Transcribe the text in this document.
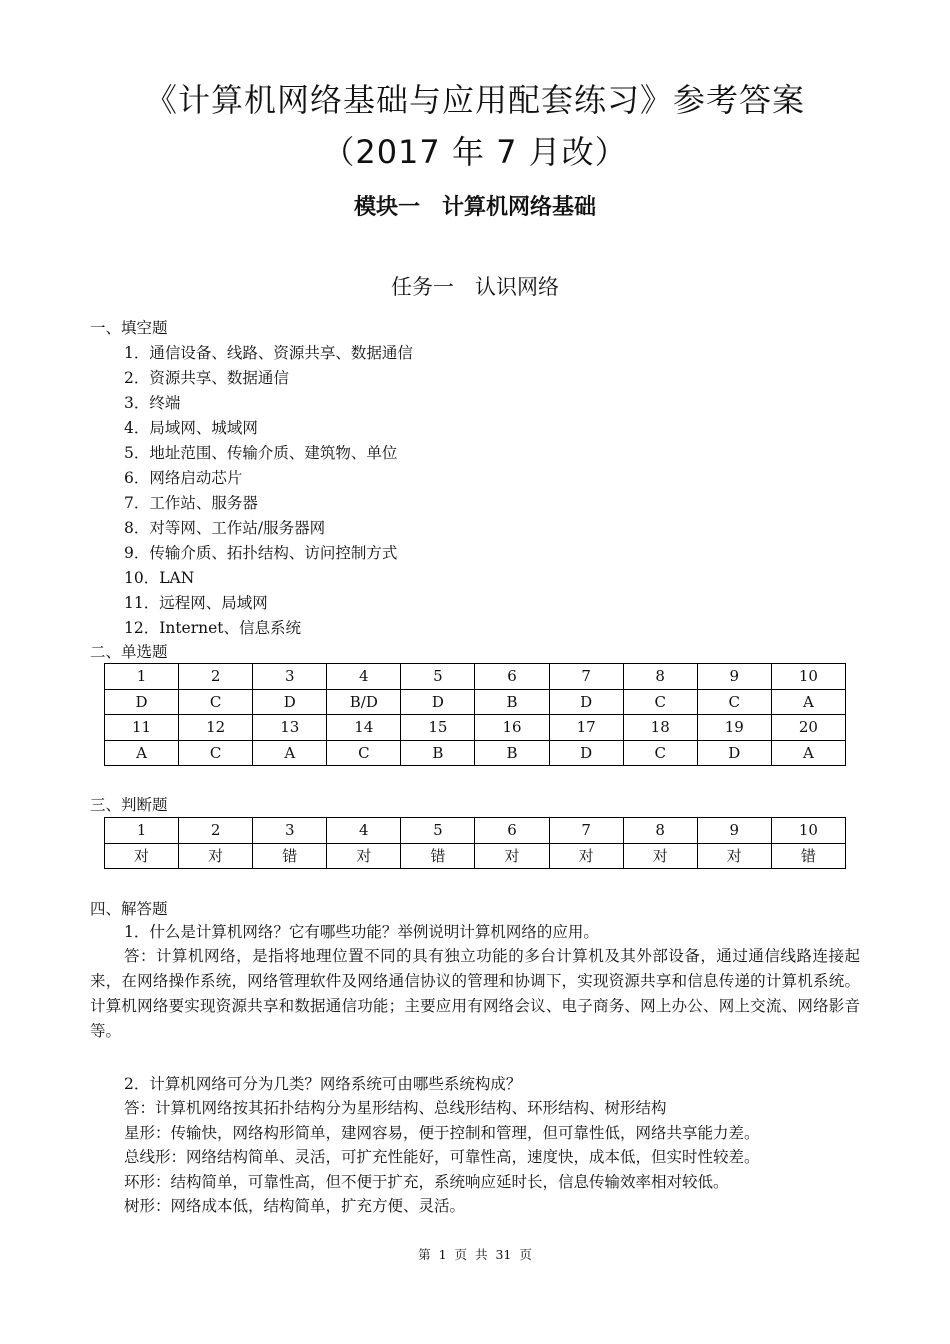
《计算机网络基础与应用配套练习》参考答案
（2017 年 7 月改）
模块一　计算机网络基础
任务一　认识网络
一、填空题
1．通信设备、线路、资源共享、数据通信
2．资源共享、数据通信
3．终端
4．局域网、城域网
5．地址范围、传输介质、建筑物、单位
6．网络启动芯片
7．工作站、服务器
8．对等网、工作站/服务器网
9．传输介质、拓扑结构、访问控制方式
10．LAN
11．远程网、局域网
12．Internet、信息系统
二、单选题
1	2	3	4	5	6	7	8	9	10
D	C	D	B/D	D	B	D	C	C	A
11	12	13	14	15	16	17	18	19	20
A	C	A	C	B	B	D	C	D	A
三、判断题
1	2	3	4	5	6	7	8	9	10
对	对	错	对	错	对	对	对	对	错
四、解答题
1．什么是计算机网络？它有哪些功能？举例说明计算机网络的应用。
答：计算机网络，是指将地理位置不同的具有独立功能的多台计算机及其外部设备，通过通信线路连接起来，在网络操作系统，网络管理软件及网络通信协议的管理和协调下，实现资源共享和信息传递的计算机系统。计算机网络要实现资源共享和数据通信功能；主要应用有网络会议、电子商务、网上办公、网上交流、网络影音等。
2．计算机网络可分为几类？网络系统可由哪些系统构成？
答：计算机网络按其拓扑结构分为星形结构、总线形结构、环形结构、树形结构
星形：传输快，网络构形简单，建网容易，便于控制和管理，但可靠性低，网络共享能力差。
总线形：网络结构简单、灵活，可扩充性能好，可靠性高，速度快，成本低，但实时性较差。
环形：结构简单，可靠性高，但不便于扩充，系统响应延时长，信息传输效率相对较低。
树形：网络成本低，结构简单，扩充方便、灵活。
第 1 页 共 31 页
